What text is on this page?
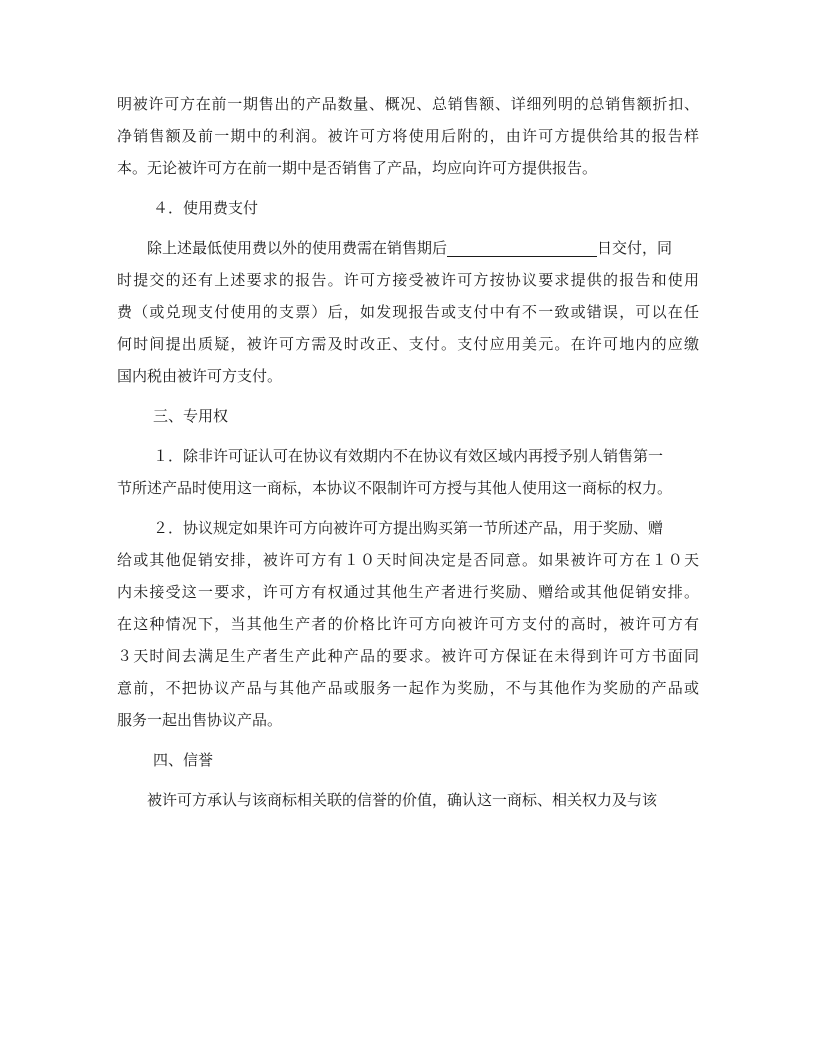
明被许可方在前一期售出的产品数量、概况、总销售额、详细列明的总销售额折扣、

净销售额及前一期中的利润。被许可方将使用后附的，由许可方提供给其的报告样

本。无论被许可方在前一期中是否销售了产品，均应向许可方提供报告。

４．使用费支付

除上述最低使用费以外的使用费需在销售期后	日交付，同

时提交的还有上述要求的报告。许可方接受被许可方按协议要求提供的报告和使用

费（或兑现支付使用的支票）后，如发现报告或支付中有不一致或错误，可以在任

何时间提出质疑，被许可方需及时改正、支付。支付应用美元。在许可地内的应缴

国内税由被许可方支付。

三、专用权

１．除非许可证认可在协议有效期内不在协议有效区域内再授予别人销售第一

节所述产品时使用这一商标，本协议不限制许可方授与其他人使用这一商标的权力。

２．协议规定如果许可方向被许可方提出购买第一节所述产品，用于奖励、赠

给或其他促销安排，被许可方有１０天时间决定是否同意。如果被许可方在１０天

内未接受这一要求，许可方有权通过其他生产者进行奖励、赠给或其他促销安排。

在这种情况下，当其他生产者的价格比许可方向被许可方支付的高时，被许可方有

３天时间去满足生产者生产此种产品的要求。被许可方保证在未得到许可方书面同

意前，不把协议产品与其他产品或服务一起作为奖励，不与其他作为奖励的产品或

服务一起出售协议产品。

四、信誉

被许可方承认与该商标相关联的信誉的价值，确认这一商标、相关权力及与该
